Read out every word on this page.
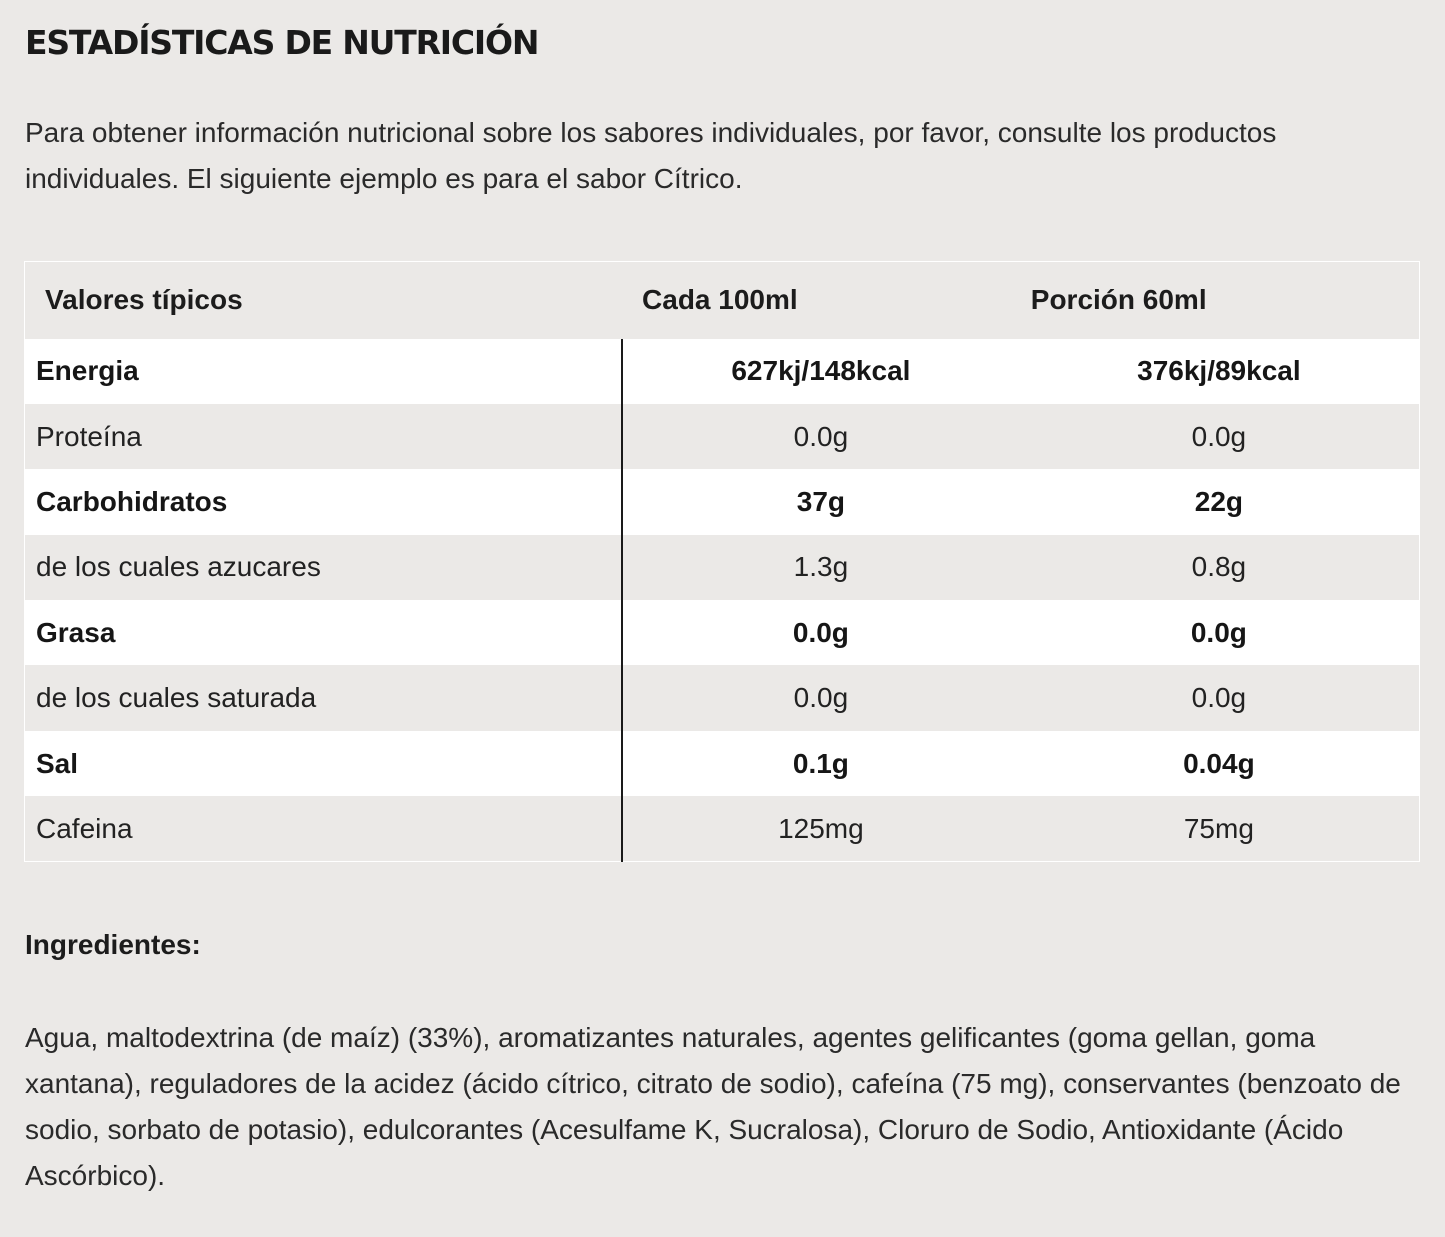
ESTADÍSTICAS DE NUTRICIÓN

Para obtener información nutricional sobre los sabores individuales, por favor, consulte los productos individuales. El siguiente ejemplo es para el sabor Cítrico.

Valores típicos	Cada 100ml	Porción 60ml
Energia	627kj/148kcal	376kj/89kcal
Proteína	0.0g	0.0g
Carbohidratos	37g	22g
de los cuales azucares	1.3g	0.8g
Grasa	0.0g	0.0g
de los cuales saturada	0.0g	0.0g
Sal	0.1g	0.04g
Cafeina	125mg	75mg
Ingredientes:

Agua, maltodextrina (de maíz) (33%), aromatizantes naturales, agentes gelificantes (goma gellan, goma xantana), reguladores de la acidez (ácido cítrico, citrato de sodio), cafeína (75 mg), conservantes (benzoato de sodio, sorbato de potasio), edulcorantes (Acesulfame K, Sucralosa), Cloruro de Sodio, Antioxidante (Ácido Ascórbico).
